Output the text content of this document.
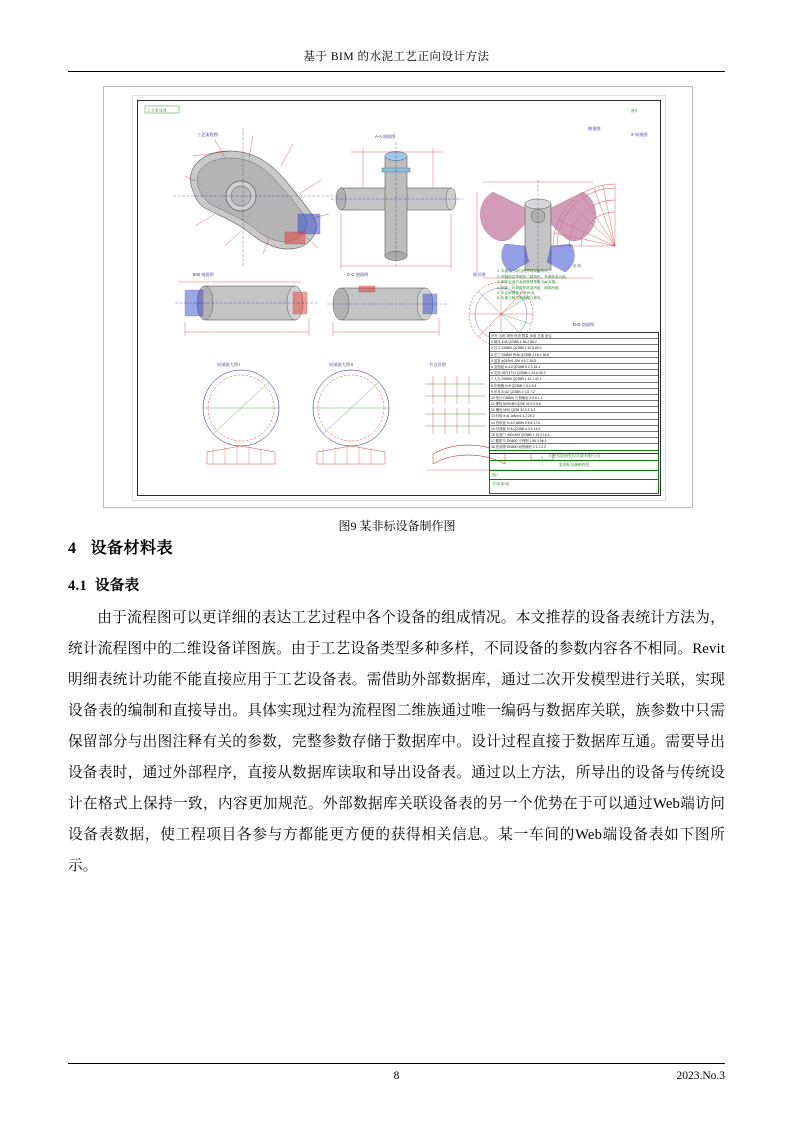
基于 BIM 的水泥工艺正向设计方法
工 艺 管 线 图	图号
工艺流程图	A-A 剖面图
俯视图
X 向视图
B-B 剖面图	C-C 剖面图	展开图
D-D 剖面图
局部放大图 I	局部放大图 II	节点详图
说 明
1. 本图尺寸除注明外均以毫米计。
2. 焊缝质量等级按二级执行，外观检查合格。
3. 制作完成后表面除锈等级 Sa2.5 级。
4. 油漆：环氧富锌底漆两道，面漆两道。
5. 未注明圆角半径 R=5。
6. 本图与相关图纸配合使用。
序号 名称 规格 材质 数量 单重 总重 备注
1 筒体 δ=8 Q235B 1 86.2 86.2
2 封头 DN800 Q235B 2 32.5 65.0
3 法兰 DN800 PN6 Q235B 2 18.4 36.8
4 接管 φ219×6 20# 4 6.7 26.8
5 加强板 δ=10 Q235B 8 2.3 18.4
6 支座 JB/T4712 Q235B 2 24.6 49.2
7 人孔 DN500 Q235B 1 42.1 42.1
8 补强圈 δ=8 Q235B 1 5.4 5.4
9 吊耳 δ=12 Q235B 4 1.8 7.2
10 垫片 DN800 石棉橡胶 2 0.6 1.2
11 螺栓 M20×80 Q235 32 0.3 9.6
12 螺母 M20 Q235 32 0.1 3.2
13 衬板 δ=6 16Mn 6 4.2 25.2
14 挡料板 δ=10 16Mn 2 8.8 17.6
15 导流板 δ=8 Q235B 4 3.5 14.0
16 检查门 400×400 Q235B 1 12.4 12.4
17 膨胀节 DN800 不锈钢 1 56.3 56.3
18 密封圈 DN800 耐热橡胶 2 1.1 2.2
合肥水泥研究设计院有限公司
某非标设备制作图
设计
共1张 第1张
图9 某非标设备制作图
4 设备材料表
4.1 设备表

由于流程图可以更详细的表达工艺过程中各个设备的组成情况。本文推荐的设备表统计方法为，统计流程图中的二维设备详图族。由于工艺设备类型多种多样，不同设备的参数内容各不相同。Revit明细表统计功能不能直接应用于工艺设备表。需借助外部数据库，通过二次开发模型进行关联，实现设备表的编制和直接导出。具体实现过程为流程图二维族通过唯一编码与数据库关联，族参数中只需保留部分与出图注释有关的参数，完整参数存储于数据库中。设计过程直接于数据库互通。需要导出设备表时，通过外部程序，直接从数据库读取和导出设备表。通过以上方法，所导出的设备与传统设计在格式上保持一致，内容更加规范。外部数据库关联设备表的另一个优势在于可以通过Web端访问设备表数据，使工程项目各参与方都能更方便的获得相关信息。某一车间的Web端设备表如下图所示。

8	2023.No.3
